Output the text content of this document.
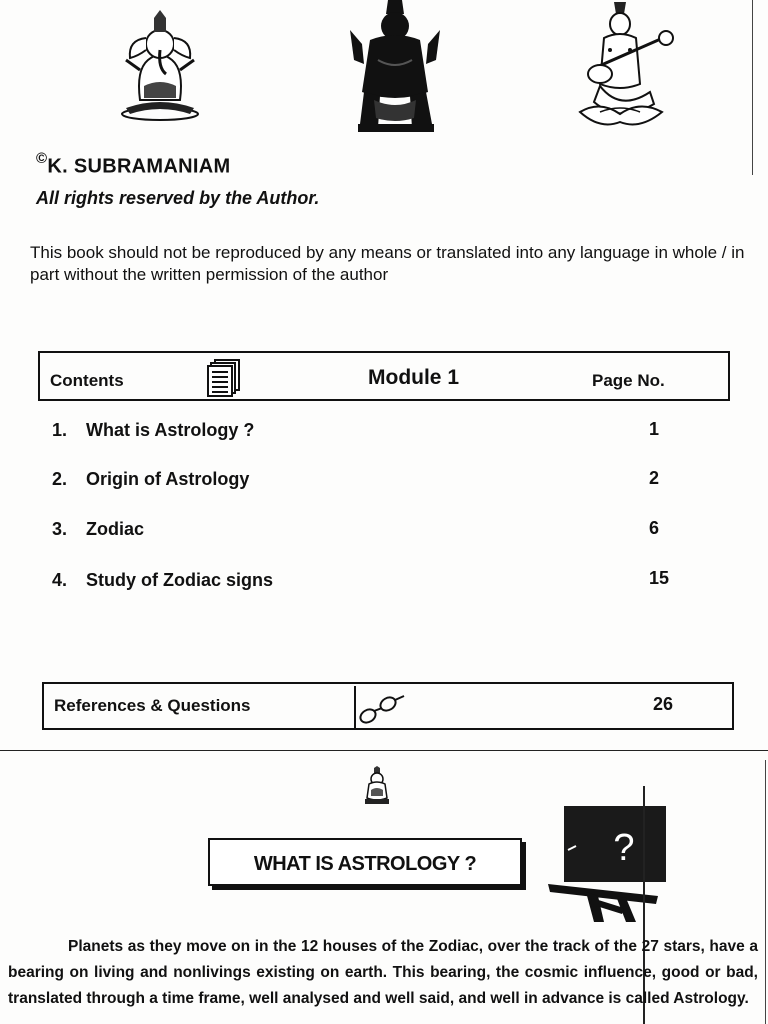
©K. SUBRAMANIAM
All rights reserved by the Author.
This book should not be reproduced by any means or translated into any language in whole / in part without the written permission of the author
Contents	Module 1	Page No.
1. What is Astrology ?	1
2. Origin of Astrology	2
3. Zodiac	6
4. Study of Zodiac signs	15
References & Questions	26
WHAT IS ASTROLOGY ?	?
Planets as they move on in the 12 houses of the Zodiac, over the track of the 27 stars, have a bearing on living and nonlivings existing on earth. This bearing, the cosmic influence, good or bad, translated through a time frame, well analysed and well said, and well in advance is called Astrology.
